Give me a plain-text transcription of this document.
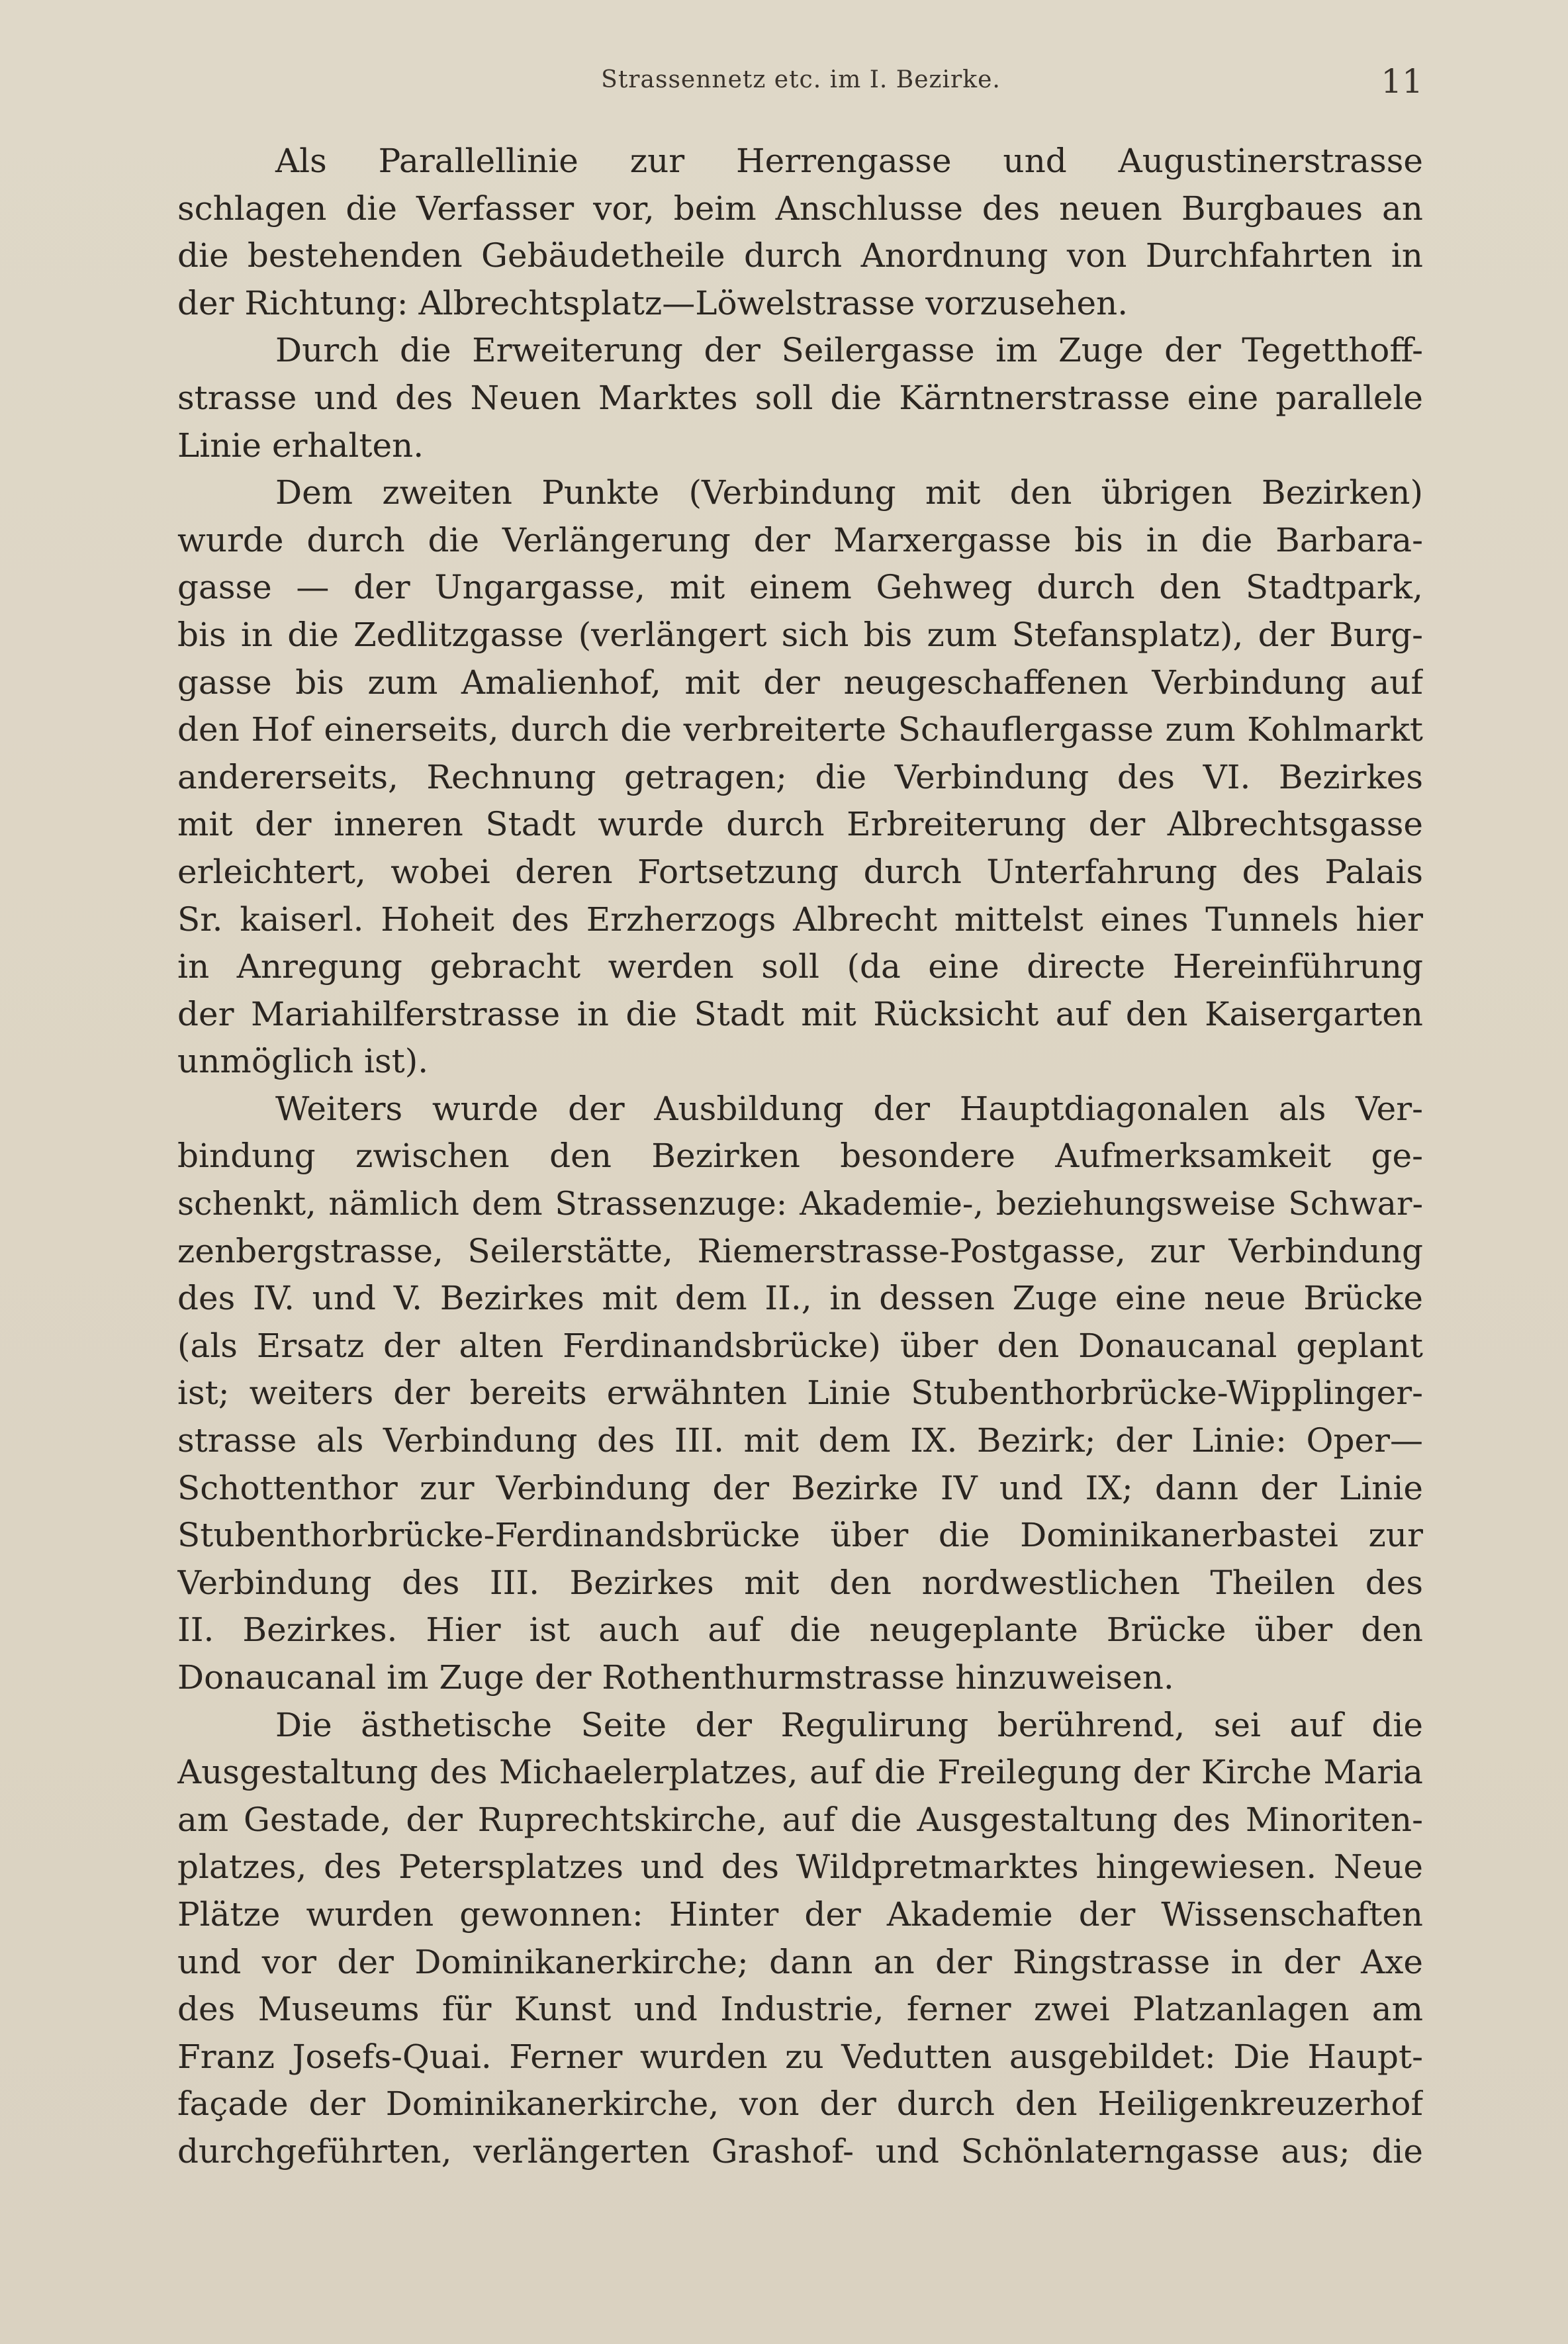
Strassennetz etc. im I. Bezirke.	11
Als Parallellinie zur Herrengasse und Augustinerstrasse
schlagen die Verfasser vor, beim Anschlusse des neuen Burgbaues an
die bestehenden Gebäudetheile durch Anordnung von Durchfahrten in
der Richtung: Albrechtsplatz—Löwelstrasse vorzusehen.
Durch die Erweiterung der Seilergasse im Zuge der Tegetthoff-
strasse und des Neuen Marktes soll die Kärntnerstrasse eine parallele
Linie erhalten.
Dem zweiten Punkte (Verbindung mit den übrigen Bezirken)
wurde durch die Verlängerung der Marxergasse bis in die Barbara-
gasse — der Ungargasse, mit einem Gehweg durch den Stadtpark,
bis in die Zedlitzgasse (verlängert sich bis zum Stefansplatz), der Burg-
gasse bis zum Amalienhof, mit der neugeschaffenen Verbindung auf
den Hof einerseits, durch die verbreiterte Schauflergasse zum Kohlmarkt
andererseits, Rechnung getragen; die Verbindung des VI. Bezirkes
mit der inneren Stadt wurde durch Erbreiterung der Albrechtsgasse
erleichtert, wobei deren Fortsetzung durch Unterfahrung des Palais
Sr. kaiserl. Hoheit des Erzherzogs Albrecht mittelst eines Tunnels hier
in Anregung gebracht werden soll (da eine directe Hereinführung
der Mariahilferstrasse in die Stadt mit Rücksicht auf den Kaisergarten
unmöglich ist).
Weiters wurde der Ausbildung der Hauptdiagonalen als Ver-
bindung zwischen den Bezirken besondere Aufmerksamkeit ge-
schenkt, nämlich dem Strassenzuge: Akademie-, beziehungsweise Schwar-
zenbergstrasse, Seilerstätte, Riemerstrasse-Postgasse, zur Verbindung
des IV. und V. Bezirkes mit dem II., in dessen Zuge eine neue Brücke
(als Ersatz der alten Ferdinandsbrücke) über den Donaucanal geplant
ist; weiters der bereits erwähnten Linie Stubenthorbrücke-Wipplinger-
strasse als Verbindung des III. mit dem IX. Bezirk; der Linie: Oper—
Schottenthor zur Verbindung der Bezirke IV und IX; dann der Linie
Stubenthorbrücke-Ferdinandsbrücke über die Dominikanerbastei zur
Verbindung des III. Bezirkes mit den nordwestlichen Theilen des
II. Bezirkes. Hier ist auch auf die neugeplante Brücke über den
Donaucanal im Zuge der Rothenthurmstrasse hinzuweisen.
Die ästhetische Seite der Regulirung berührend, sei auf die
Ausgestaltung des Michaelerplatzes, auf die Freilegung der Kirche Maria
am Gestade, der Ruprechtskirche, auf die Ausgestaltung des Minoriten-
platzes, des Petersplatzes und des Wildpretmarktes hingewiesen. Neue
Plätze wurden gewonnen: Hinter der Akademie der Wissenschaften
und vor der Dominikanerkirche; dann an der Ringstrasse in der Axe
des Museums für Kunst und Industrie, ferner zwei Platzanlagen am
Franz Josefs-Quai. Ferner wurden zu Vedutten ausgebildet: Die Haupt-
façade der Dominikanerkirche, von der durch den Heiligenkreuzerhof
durchgeführten, verlängerten Grashof- und Schönlaterngasse aus; die
